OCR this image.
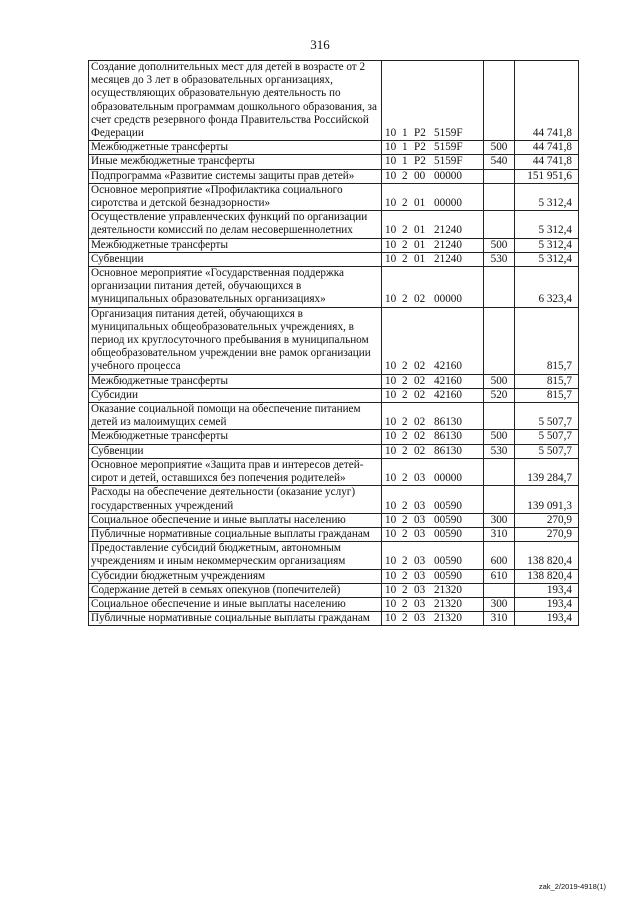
316
Создание дополнительных мест для детей в возрасте от 2 месяцев до 3 лет в образовательных организациях, осуществляющих образовательную деятельность по образовательным программам дошкольного образования, за счет средств резервного фонда Правительства Российской Федерации	10 1 P2 5159F		44 741,8
Межбюджетные трансферты	10 1 P2 5159F	500	44 741,8
Иные межбюджетные трансферты	10 1 P2 5159F	540	44 741,8
Подпрограмма «Развитие системы защиты прав детей»	10 2 00 00000		151 951,6
Основное мероприятие «Профилактика социального сиротства и детской безнадзорности»	10 2 01 00000		5 312,4
Осуществление управленческих функций по организации деятельности комиссий по делам несовершеннолетних	10 2 01 21240		5 312,4
Межбюджетные трансферты	10 2 01 21240	500	5 312,4
Субвенции	10 2 01 21240	530	5 312,4
Основное мероприятие «Государственная поддержка организации питания детей, обучающихся в муниципальных образовательных организациях»	10 2 02 00000		6 323,4
Организация питания детей, обучающихся в муниципальных общеобразовательных учреждениях, в период их круглосуточного пребывания в муниципальном общеобразовательном учреждении вне рамок организации учебного процесса	10 2 02 42160		815,7
Межбюджетные трансферты	10 2 02 42160	500	815,7
Субсидии	10 2 02 42160	520	815,7
Оказание социальной помощи на обеспечение питанием детей из малоимущих семей	10 2 02 86130		5 507,7
Межбюджетные трансферты	10 2 02 86130	500	5 507,7
Субвенции	10 2 02 86130	530	5 507,7
Основное мероприятие «Защита прав и интересов детей-сирот и детей, оставшихся без попечения родителей»	10 2 03 00000		139 284,7
Расходы на обеспечение деятельности (оказание услуг) государственных учреждений	10 2 03 00590		139 091,3
Социальное обеспечение и иные выплаты населению	10 2 03 00590	300	270,9
Публичные нормативные социальные выплаты гражданам	10 2 03 00590	310	270,9
Предоставление субсидий бюджетным, автономным учреждениям и иным некоммерческим организациям	10 2 03 00590	600	138 820,4
Субсидии бюджетным учреждениям	10 2 03 00590	610	138 820,4
Содержание детей в семьях опекунов (попечителей)	10 2 03 21320		193,4
Социальное обеспечение и иные выплаты населению	10 2 03 21320	300	193,4
Публичные нормативные социальные выплаты гражданам	10 2 03 21320	310	193,4
zak_2/2019-4918(1)
